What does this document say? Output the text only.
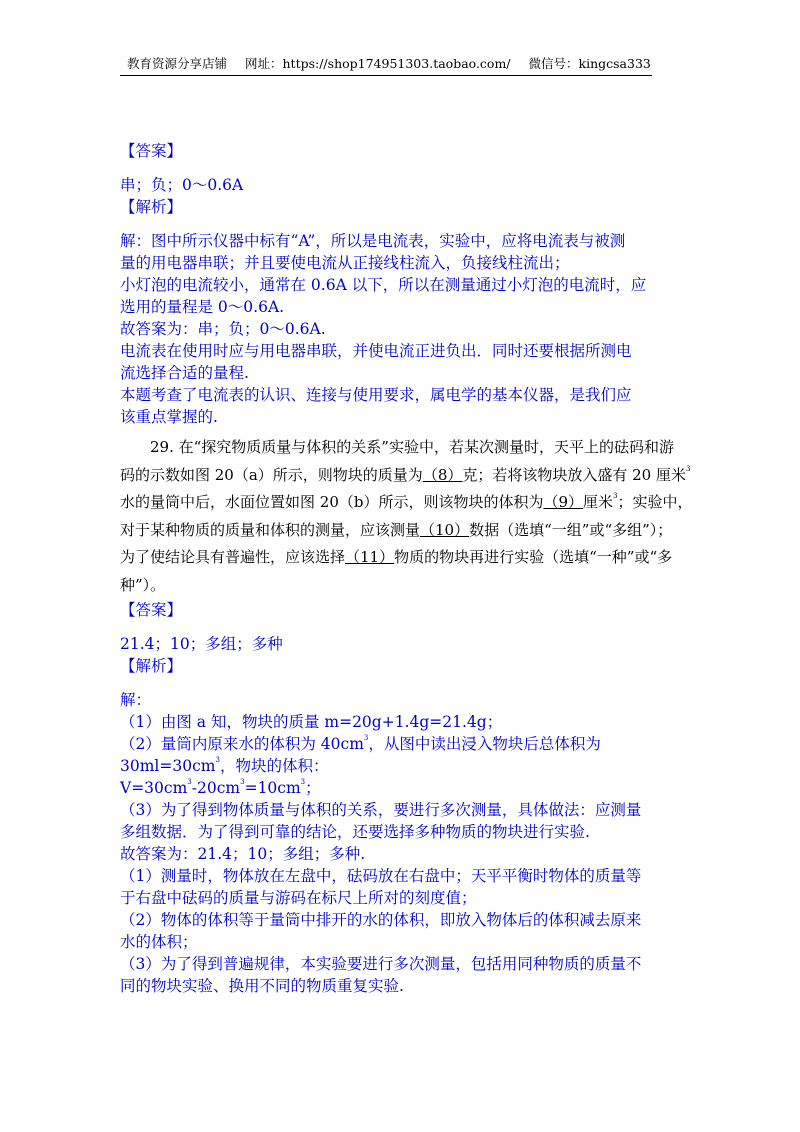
教育资源分享店铺 网址：https://shop174951303.taobao.com/ 微信号：kingcsa333

【答案】

串；负；0～0.6A

【解析】

解：图中所示仪器中标有“A”，所以是电流表，实验中，应将电流表与被测

量的用电器串联；并且要使电流从正接线柱流入，负接线柱流出；

小灯泡的电流较小，通常在 0.6A 以下，所以在测量通过小灯泡的电流时，应

选用的量程是 0～0.6A.

故答案为：串；负；0～0.6A.

电流表在使用时应与用电器串联，并使电流正进负出．同时还要根据所测电

流选择合适的量程.

本题考查了电流表的认识、连接与使用要求，属电学的基本仪器，是我们应

该重点掌握的.

29. 在“探究物质质量与体积的关系”实验中，若某次测量时，天平上的砝码和游

码的示数如图 20（a）所示，则物块的质量为（8）克；若将该物块放入盛有 20 厘米$^3$

水的量筒中后，水面位置如图 20（b）所示，则该物块的体积为（9）厘米$^3$；实验中，

对于某种物质的质量和体积的测量，应该测量（10）数据（选填“一组”或“多组”）；

为了使结论具有普遍性，应该选择（11）物质的物块再进行实验（选填“一种”或“多

种”）。

【答案】

21.4；10；多组；多种

【解析】

解：

（1）由图 a 知，物块的质量 m=20g+1.4g=21.4g；

（2）量筒内原来水的体积为 $40cm^3$，从图中读出浸入物块后总体积为

$30ml=30cm^3$，物块的体积：

$V=30cm^3-20cm^3=10cm^3$；

（3）为了得到物体质量与体积的关系，要进行多次测量，具体做法：应测量

多组数据．为了得到可靠的结论，还要选择多种物质的物块进行实验.

故答案为：21.4；10；多组；多种.

（1）测量时，物体放在左盘中，砝码放在右盘中；天平平衡时物体的质量等

于右盘中砝码的质量与游码在标尺上所对的刻度值；

（2）物体的体积等于量筒中排开的水的体积，即放入物体后的体积减去原来

水的体积；

（3）为了得到普遍规律，本实验要进行多次测量，包括用同种物质的质量不

同的物块实验、换用不同的物质重复实验.
